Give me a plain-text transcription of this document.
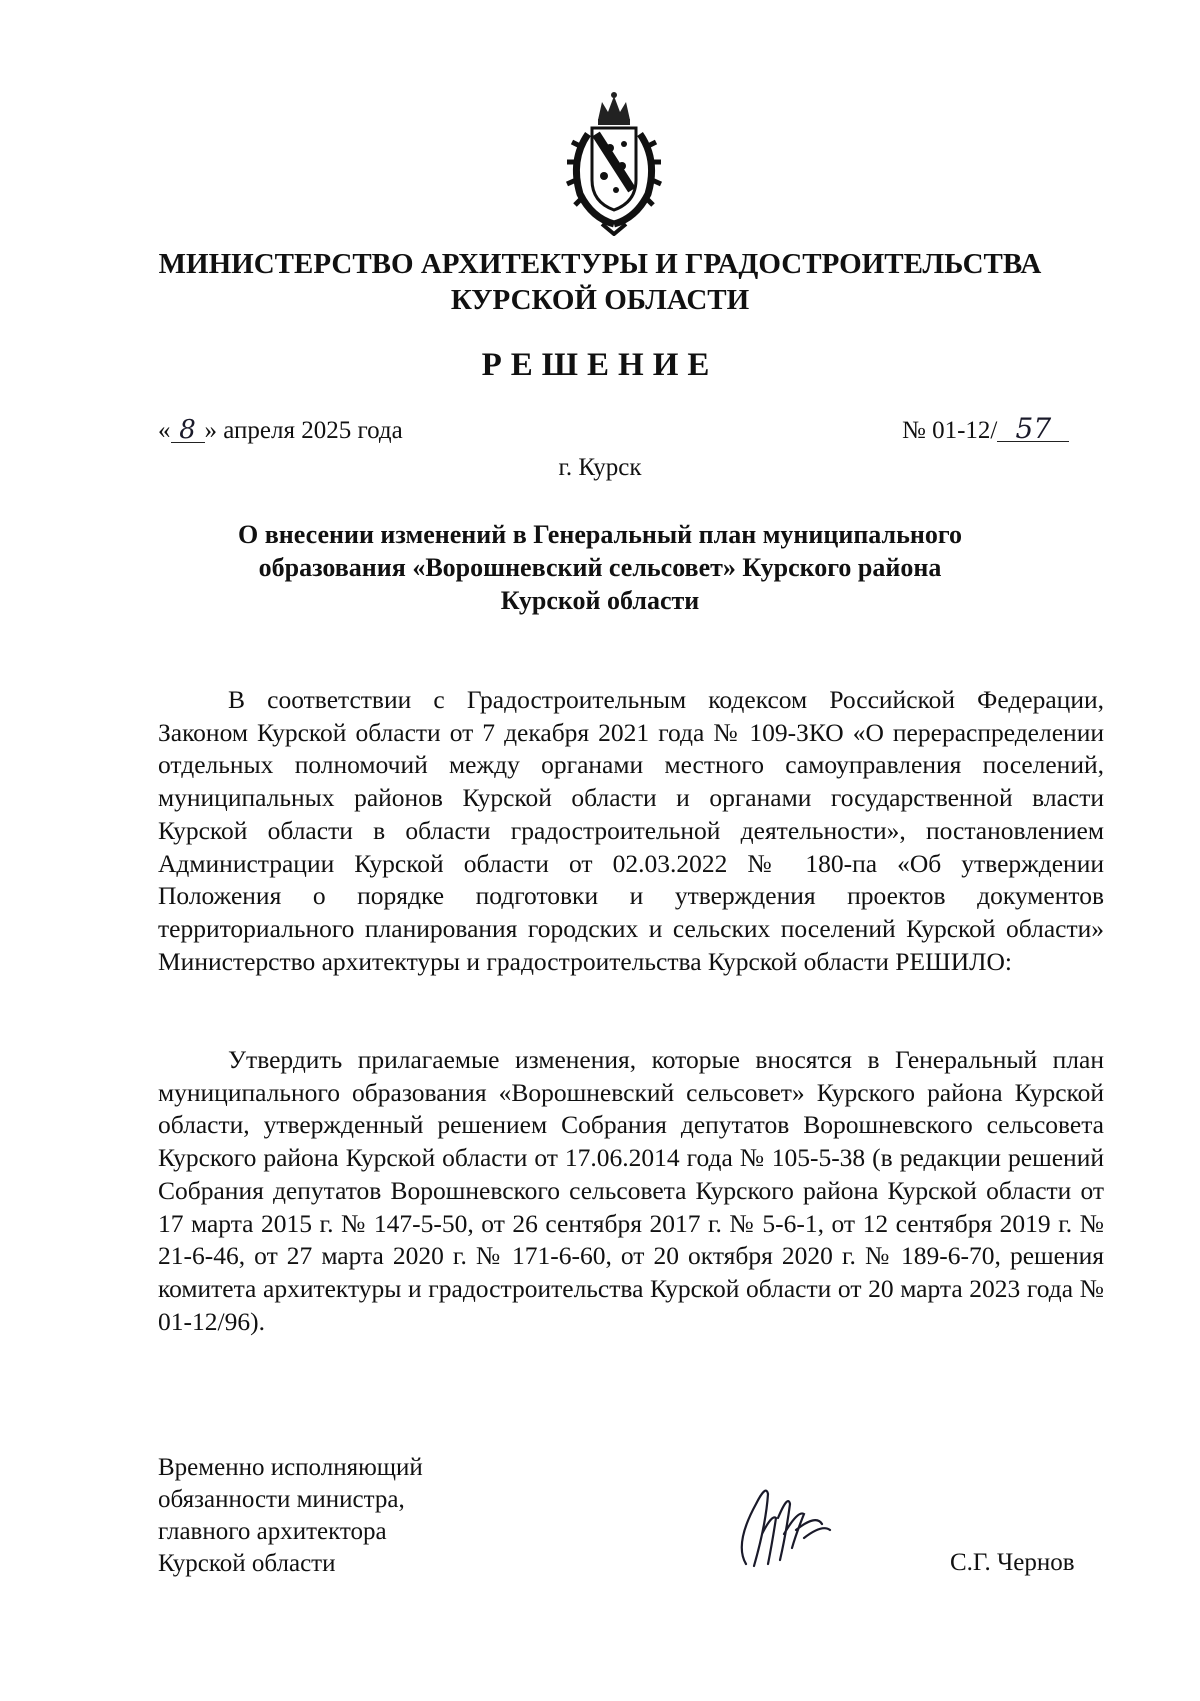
МИНИСТЕРСТВО АРХИТЕКТУРЫ И ГРАДОСТРОИТЕЛЬСТВА
КУРСКОЙ ОБЛАСТИ
РЕШЕНИЕ
« 8 » апреля 2025 года	№ 01-12/ 57
г. Курск
О внесении изменений в Генеральный план муниципального
образования «Ворошневский сельсовет» Курского района
Курской области

В соответствии с Градостроительным кодексом Российской Федерации, Законом Курской области от 7 декабря 2021 года № 109-ЗКО «О перераспределении отдельных полномочий между органами местного самоуправления поселений, муниципальных районов Курской области и органами государственной власти Курской области в области градостроительной деятельности», постановлением Администрации Курской области от 02.03.2022 № 180-па «Об утверждении Положения о порядке подготовки и утверждения проектов документов территориального планирования городских и сельских поселений Курской области» Министерство архитектуры и градостроительства Курской области РЕШИЛО:

Утвердить прилагаемые изменения, которые вносятся в Генеральный план муниципального образования «Ворошневский сельсовет» Курского района Курской области, утвержденный решением Собрания депутатов Ворошневского сельсовета Курского района Курской области от 17.06.2014 года № 105-5-38 (в редакции решений Собрания депутатов Ворошневского сельсовета Курского района Курской области от 17 марта 2015 г. № 147-5-50, от 26 сентября 2017 г. № 5-6-1, от 12 сентября 2019 г. № 21-6-46, от 27 марта 2020 г. № 171-6-60, от 20 октября 2020 г. № 189-6-70, решения комитета архитектуры и градостроительства Курской области от 20 марта 2023 года № 01-12/96).

Временно исполняющий
обязанности министра,
главного архитектора
Курской области	С.Г. Чернов
